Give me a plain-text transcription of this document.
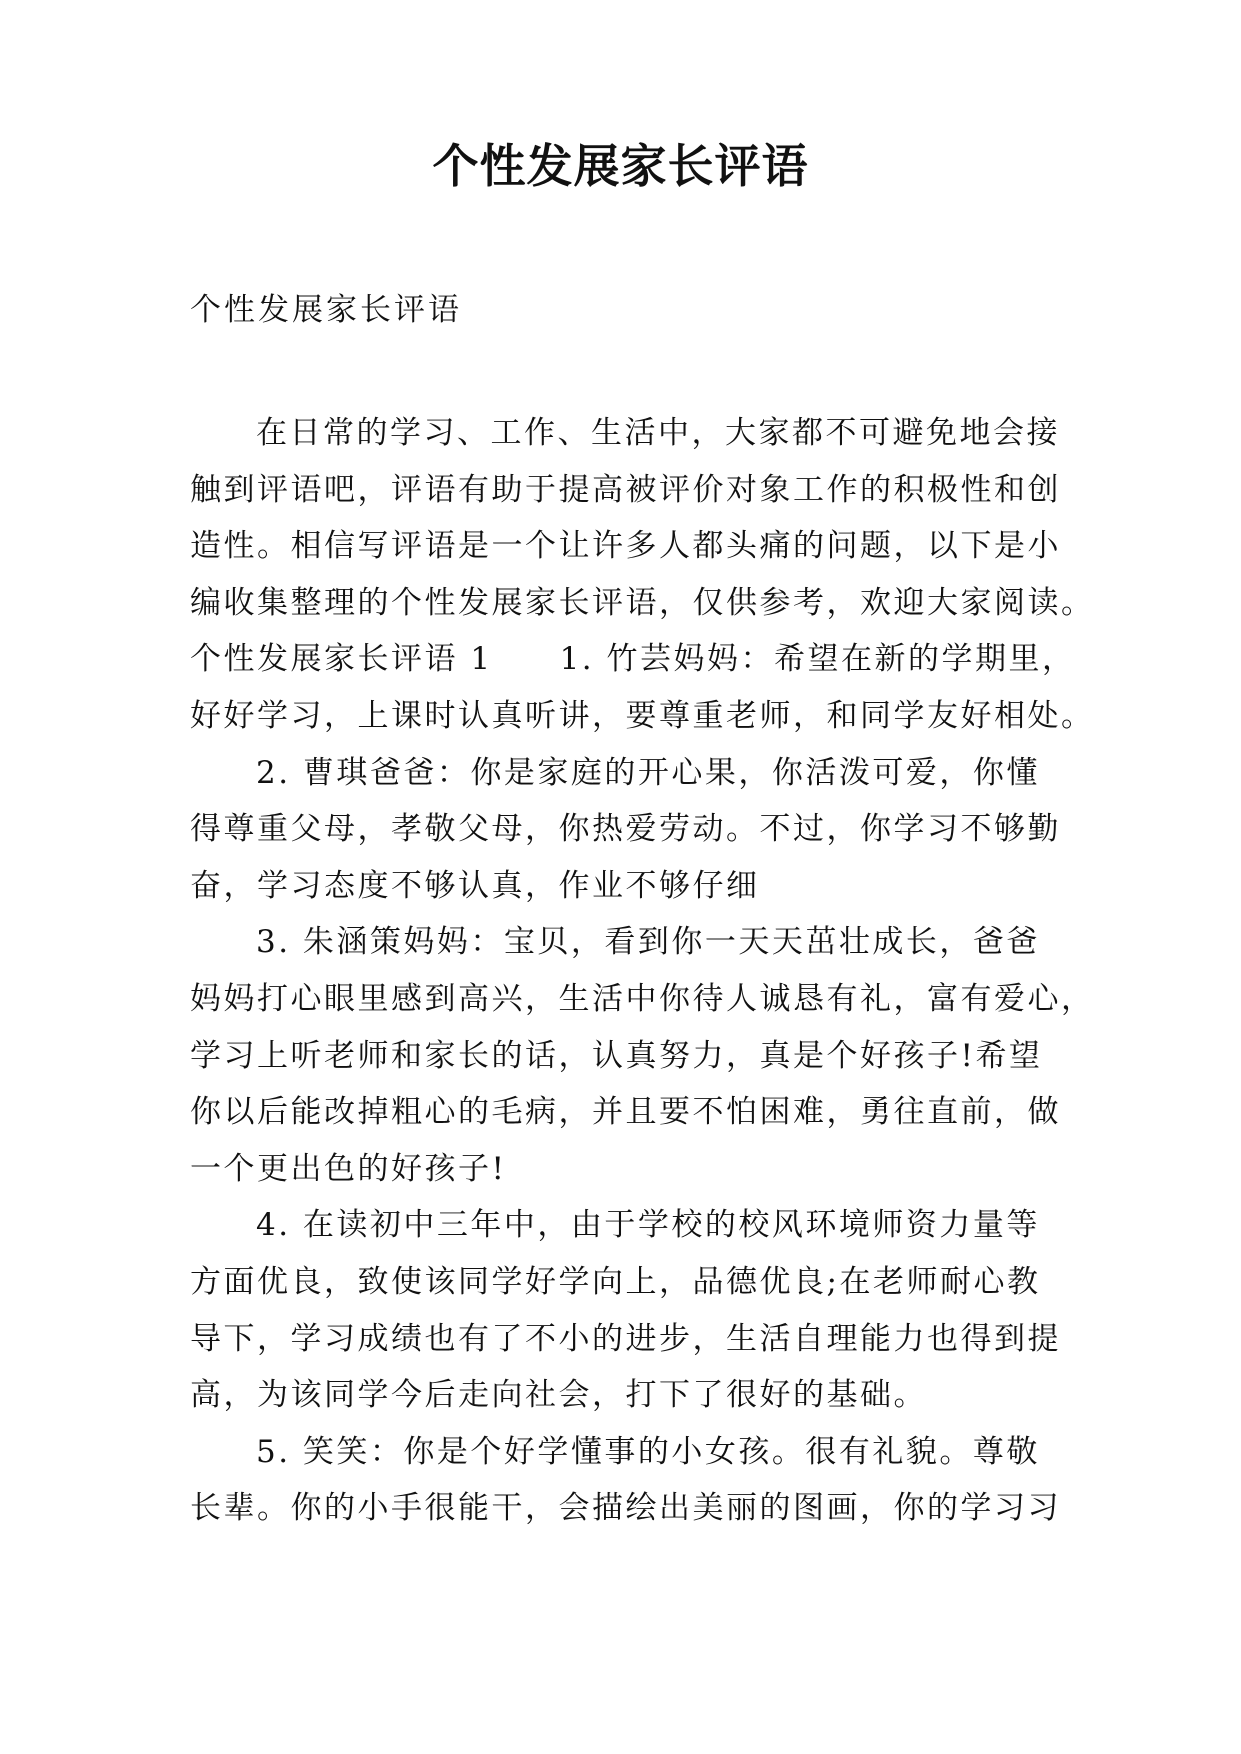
个性发展家长评语
个性发展家长评语
在日常的学习、工作、生活中，大家都不可避免地会接
触到评语吧，评语有助于提高被评价对象工作的积极性和创
造性。相信写评语是一个让许多人都头痛的问题，以下是小
编收集整理的个性发展家长评语，仅供参考，欢迎大家阅读。
个性发展家长评语 1　　1. 竹芸妈妈：希望在新的学期里，
好好学习，上课时认真听讲，要尊重老师，和同学友好相处。
2. 曹琪爸爸：你是家庭的开心果，你活泼可爱，你懂
得尊重父母，孝敬父母，你热爱劳动。不过，你学习不够勤
奋，学习态度不够认真，作业不够仔细
3. 朱涵策妈妈：宝贝，看到你一天天茁壮成长，爸爸
妈妈打心眼里感到高兴，生活中你待人诚恳有礼，富有爱心，
学习上听老师和家长的话，认真努力，真是个好孩子!希望
你以后能改掉粗心的毛病，并且要不怕困难，勇往直前，做
一个更出色的好孩子!
4. 在读初中三年中，由于学校的校风环境师资力量等
方面优良，致使该同学好学向上，品德优良;在老师耐心教
导下，学习成绩也有了不小的进步，生活自理能力也得到提
高，为该同学今后走向社会，打下了很好的基础。
5. 笑笑：你是个好学懂事的小女孩。很有礼貌。尊敬
长辈。你的小手很能干，会描绘出美丽的图画，你的学习习
